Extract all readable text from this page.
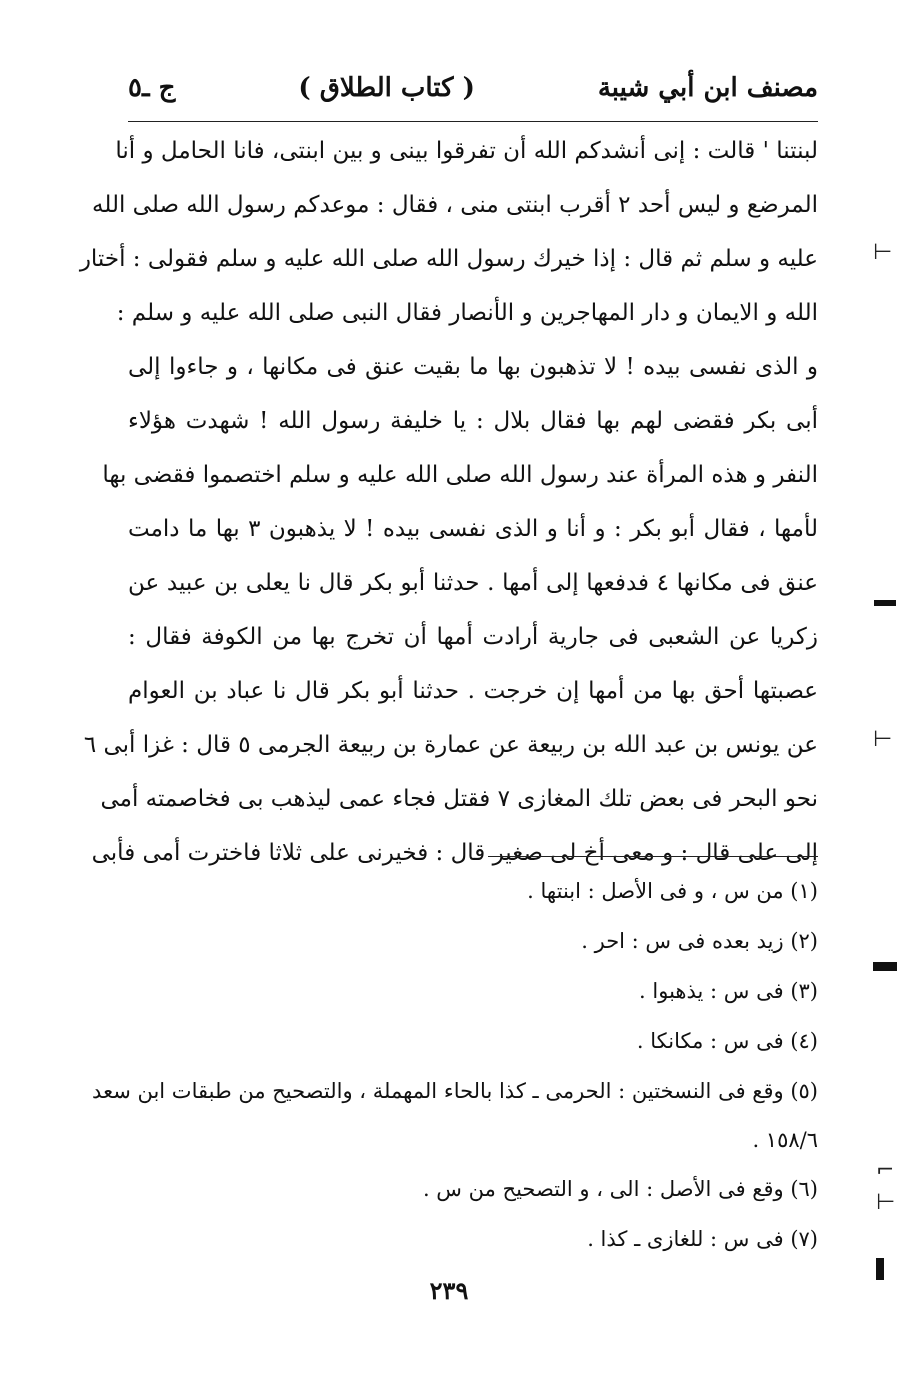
مصنف ابن أبي شيبة
( كتاب الطلاق )
ج ـ٥
لبنتنا ' قالت : إنى أنشدكم الله أن تفرقوا بينى و بين ابنتى، فانا الحامل و أنا
المرضع و ليس أحد ٢ أقرب ابنتى منى ، فقال : موعدكم رسول الله صلى الله
عليه و سلم ثم قال : إذا خيرك رسول الله صلى الله عليه و سلم فقولى : أختار
الله و الايمان و دار المهاجرين و الأنصار فقال النبى صلى الله عليه و سلم :
و الذى نفسى بيده ! لا تذهبون بها ما بقيت عنق فى مكانها ، و جاءوا إلى
أبى بكر فقضى لهم بها فقال بلال : يا خليفة رسول الله ! شهدت هؤلاء
النفر و هذه المرأة عند رسول الله صلى الله عليه و سلم اختصموا فقضى بها
لأمها ، فقال أبو بكر : و أنا و الذى نفسى بيده ! لا يذهبون ٣ بها ما دامت
عنق فى مكانها ٤ فدفعها إلى أمها . حدثنا أبو بكر قال نا يعلى بن عبيد عن
زكريا عن الشعبى فى جارية أرادت أمها أن تخرج بها من الكوفة فقال :
عصبتها أحق بها من أمها إن خرجت . حدثنا أبو بكر قال نا عباد بن العوام
عن يونس بن عبد الله بن ربيعة عن عمارة بن ربيعة الجرمى ٥ قال : غزا أبى ٦
نحو البحر فى بعض تلك المغازى ٧ فقتل فجاء عمى ليذهب بى فخاصمته أمى
إلى على قال : و معى أخ لى صغير قال : فخيرنى على ثلاثا فاخترت أمى فأبى
(١) من س ، و فى الأصل : ابنتها .
(٢) زيد بعده فى س : احر .
(٣) فى س : يذهبوا .
(٤) فى س : مكانكا .
(٥) وقع فى النسختين : الحرمى ـ كذا بالحاء المهملة ، والتصحيح من طبقات ابن سعد
١٥٨/٦ .
(٦) وقع فى الأصل : الى ، و التصحيح من س .
(٧) فى س : للغازى ـ كذا .
٢٣٩
⊢
⊢
⌐
⊢
